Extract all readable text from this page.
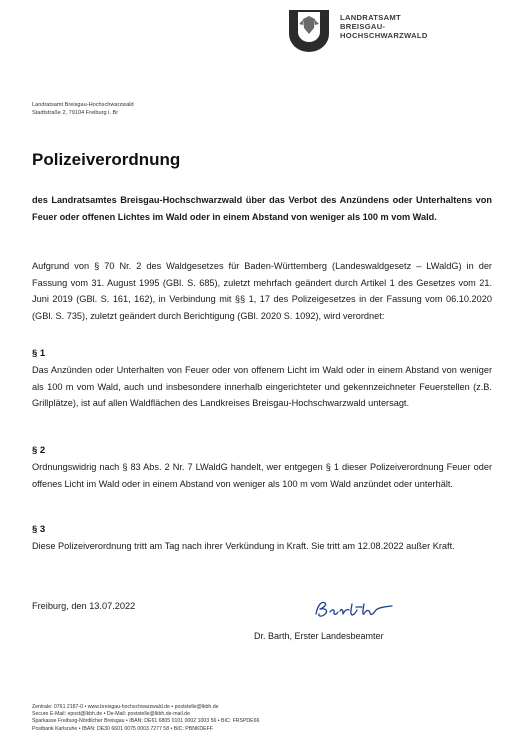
LANDRATSAMT
BREISGAU-
HOCHSCHWARZWALD
Landratsamt Breisgau-Hochschwarzwald
Stadtstraße 2, 79104 Freiburg i. Br
Polizeiverordnung
des Landratsamtes Breisgau-Hochschwarzwald über das Verbot des Anzündens oder Unterhaltens von Feuer oder offenen Lichtes im Wald oder in einem Abstand von weniger als 100 m vom Wald.
Aufgrund von § 70 Nr. 2 des Waldgesetzes für Baden-Württemberg (Landeswaldgesetz – LWaldG) in der Fassung vom 31. August 1995 (GBl. S. 685), zuletzt mehrfach geändert durch Artikel 1 des Gesetzes vom 21. Juni 2019 (GBl. S. 161, 162), in Verbindung mit §§ 1, 17 des Polizeigesetzes in der Fassung vom 06.10.2020 (GBl. S. 735), zuletzt geändert durch Berichtigung (GBl. 2020 S. 1092), wird verordnet:
§ 1
Das Anzünden oder Unterhalten von Feuer oder von offenem Licht im Wald oder in einem Abstand von weniger als 100 m vom Wald, auch und insbesondere innerhalb eingerichteter und gekennzeichneter Feuerstellen (z.B. Grillplätze), ist auf allen Waldflächen des Landkreises Breisgau-Hochschwarzwald untersagt.
§ 2
Ordnungswidrig nach § 83 Abs. 2 Nr. 7 LWaldG handelt, wer entgegen § 1 dieser Polizeiverordnung Feuer oder offenes Licht im Wald oder in einem Abstand von weniger als 100 m vom Wald anzündet oder unterhält.
§ 3
Diese Polizeiverordnung tritt am Tag nach ihrer Verkündung in Kraft. Sie tritt am 12.08.2022 außer Kraft.
Freiburg, den 13.07.2022
Dr. Barth, Erster Landesbeamter
Zentrale: 0761 2187-0 • www.breisgau-hochschwarzwald.de • poststelle@lkbh.de
Secure E-Mail: epost@lkbh.de • De-Mail: poststelle@lkbh.de-mail.de
Sparkasse Freiburg-Nördlicher Breisgau • IBAN: DE61 6805 0101 0002 1003 56 • BIC: FRSPDE66
Postbank Karlsruhe • IBAN: DE30 6601 0075 0003 7277 58 • BIC: PBNKDEFF
